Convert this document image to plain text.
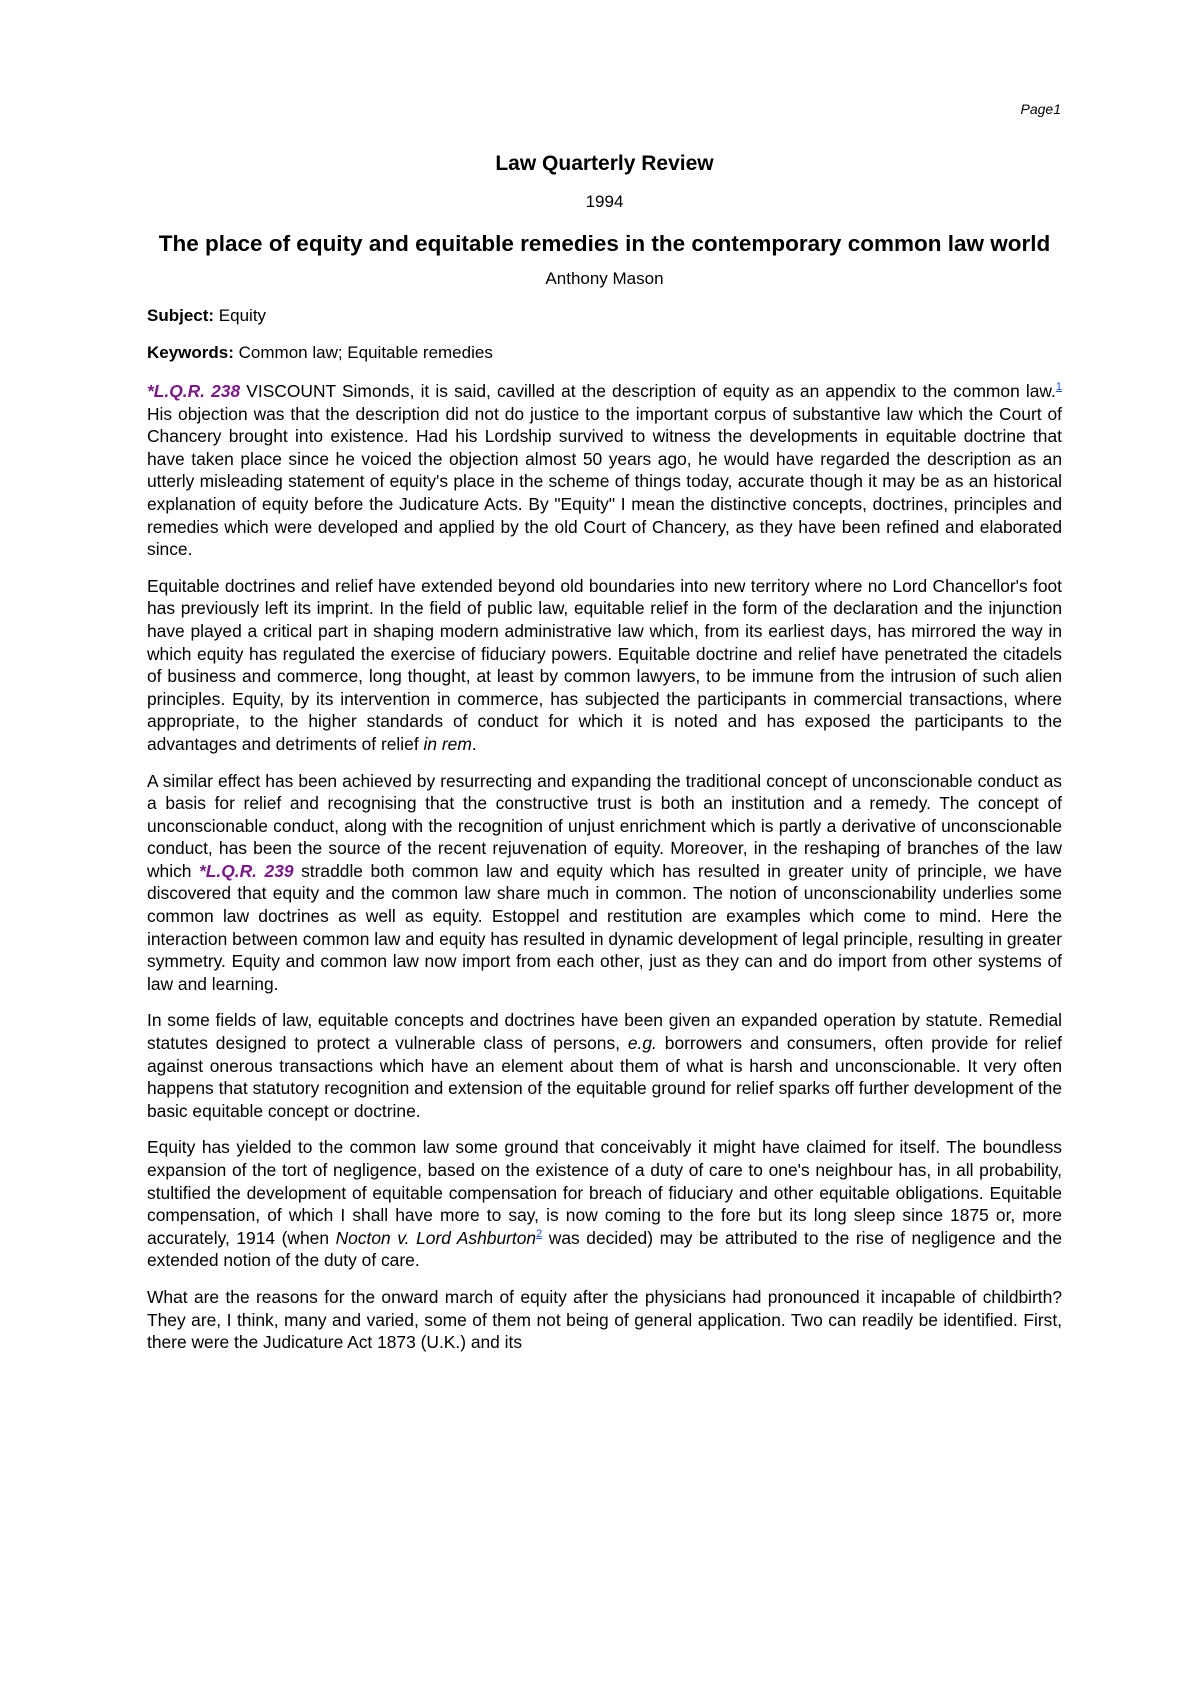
Page1
Law Quarterly Review
1994
The place of equity and equitable remedies in the contemporary common law world
Anthony Mason
Subject: Equity
Keywords: Common law; Equitable remedies

*L.Q.R. 238 VISCOUNT Simonds, it is said, cavilled at the description of equity as an appendix to the common law.$^1$ His objection was that the description did not do justice to the important corpus of substantive law which the Court of Chancery brought into existence. Had his Lordship survived to witness the developments in equitable doctrine that have taken place since he voiced the objection almost 50 years ago, he would have regarded the description as an utterly misleading statement of equity's place in the scheme of things today, accurate though it may be as an historical explanation of equity before the Judicature Acts. By "Equity" I mean the distinctive concepts, doctrines, principles and remedies which were developed and applied by the old Court of Chancery, as they have been refined and elaborated since.

Equitable doctrines and relief have extended beyond old boundaries into new territory where no Lord Chancellor's foot has previously left its imprint. In the field of public law, equitable relief in the form of the declaration and the injunction have played a critical part in shaping modern administrative law which, from its earliest days, has mirrored the way in which equity has regulated the exercise of fiduciary powers. Equitable doctrine and relief have penetrated the citadels of business and commerce, long thought, at least by common lawyers, to be immune from the intrusion of such alien principles. Equity, by its intervention in commerce, has subjected the participants in commercial transactions, where appropriate, to the higher standards of conduct for which it is noted and has exposed the participants to the advantages and detriments of relief in rem.

A similar effect has been achieved by resurrecting and expanding the traditional concept of unconscionable conduct as a basis for relief and recognising that the constructive trust is both an institution and a remedy. The concept of unconscionable conduct, along with the recognition of unjust enrichment which is partly a derivative of unconscionable conduct, has been the source of the recent rejuvenation of equity. Moreover, in the reshaping of branches of the law which *L.Q.R. 239 straddle both common law and equity which has resulted in greater unity of principle, we have discovered that equity and the common law share much in common. The notion of unconscionability underlies some common law doctrines as well as equity. Estoppel and restitution are examples which come to mind. Here the interaction between common law and equity has resulted in dynamic development of legal principle, resulting in greater symmetry. Equity and common law now import from each other, just as they can and do import from other systems of law and learning.

In some fields of law, equitable concepts and doctrines have been given an expanded operation by statute. Remedial statutes designed to protect a vulnerable class of persons, e.g. borrowers and consumers, often provide for relief against onerous transactions which have an element about them of what is harsh and unconscionable. It very often happens that statutory recognition and extension of the equitable ground for relief sparks off further development of the basic equitable concept or doctrine.

Equity has yielded to the common law some ground that conceivably it might have claimed for itself. The boundless expansion of the tort of negligence, based on the existence of a duty of care to one's neighbour has, in all probability, stultified the development of equitable compensation for breach of fiduciary and other equitable obligations. Equitable compensation, of which I shall have more to say, is now coming to the fore but its long sleep since 1875 or, more accurately, 1914 (when Nocton v. Lord Ashburton$^2$ was decided) may be attributed to the rise of negligence and the extended notion of the duty of care.

What are the reasons for the onward march of equity after the physicians had pronounced it incapable of childbirth? They are, I think, many and varied, some of them not being of general application. Two can readily be identified. First, there were the Judicature Act 1873 (U.K.) and its
